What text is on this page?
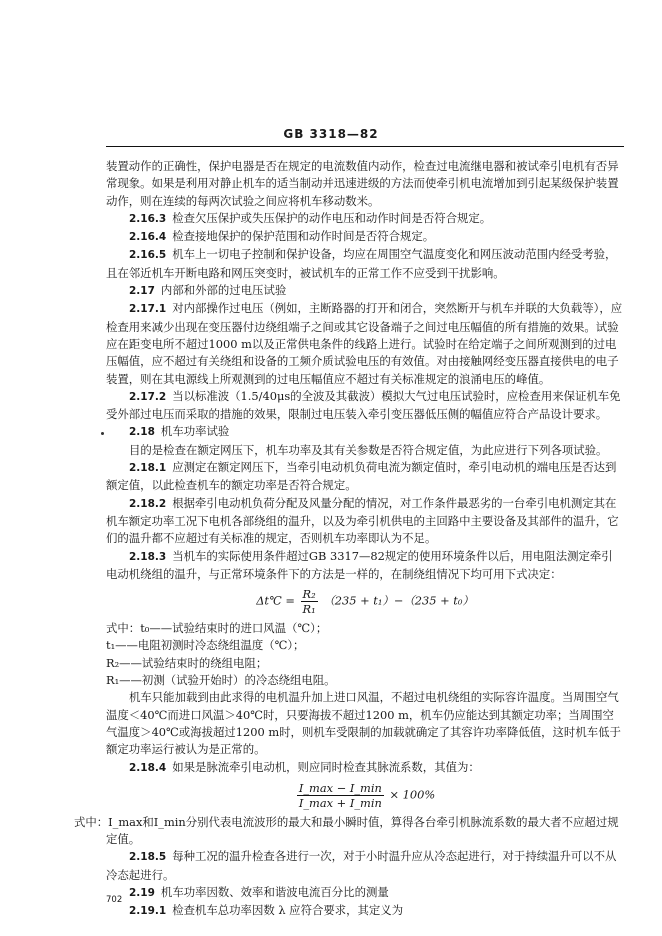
GB 3318—82

装置动作的正确性，保护电器是否在规定的电流数值内动作，检查过电流继电器和被试牵引电机有否异常现象。如果是利用对静止机车的适当制动并迅速进级的方法而使牵引机电流增加到引起某级保护装置动作，则在连续的每两次试验之间应将机车移动数米。

2.16.3 检查欠压保护或失压保护的动作电压和动作时间是否符合规定。

2.16.4 检查接地保护的保护范围和动作时间是否符合规定。

2.16.5 机车上一切电子控制和保护设备，均应在周围空气温度变化和网压波动范围内经受考验，且在邻近机车开断电路和网压突变时，被试机车的正常工作不应受到干扰影响。

2.17 内部和外部的过电压试验

2.17.1 对内部操作过电压（例如，主断路器的打开和闭合，突然断开与机车并联的大负载等），应检查用来减少出现在变压器付边绕组端子之间或其它设备端子之间过电压幅值的所有措施的效果。试验应在距变电所不超过1000 m以及正常供电条件的线路上进行。试验时在给定端子之间所观测到的过电压幅值，应不超过有关绕组和设备的工频介质试验电压的有效值。对由接触网经变压器直接供电的电子装置，则在其电源线上所观测到的过电压幅值应不超过有关标准规定的浪涌电压的峰值。

2.17.2 当以标准波（1.5/40μs的全波及其截波）模拟大气过电压试验时，应检查用来保证机车免受外部过电压而采取的措施的效果，限制过电压装入牵引变压器低压侧的幅值应符合产品设计要求。

2.18 机车功率试验

目的是检查在额定网压下，机车功率及其有关参数是否符合规定值，为此应进行下列各项试验。

2.18.1 应测定在额定网压下，当牵引电动机负荷电流为额定值时，牵引电动机的端电压是否达到额定值，以此检查机车的额定功率是否符合规定。

2.18.2 根据牵引电动机负荷分配及风量分配的情况，对工作条件最恶劣的一台牵引电机测定其在机车额定功率工况下电机各部绕组的温升，以及为牵引机供电的主回路中主要设备及其部件的温升，它们的温升都不应超过有关标准的规定，否则机车功率即认为不足。

2.18.3 当机车的实际使用条件超过GB 3317—82规定的使用环境条件以后，用电阻法测定牵引电动机绕组的温升，与正常环境条件下的方法是一样的，在制绕组情况下均可用下式决定：

Δt℃ = $\frac{\text{R₂}}{\text{R₁}} (235 + t_1)-(235 + t_0)$

式中：t₀——试验结束时的进口风温（℃）；

t₁——电阻初测时冷态绕组温度（℃）；

R₂——试验结束时的绕组电阻；

R₁——初测（试验开始时）的冷态绕组电阻。

机车只能加载到由此求得的电机温升加上进口风温，不超过电机绕组的实际容许温度。当周围空气温度＜40℃而进口风温＞40℃时，只要海拔不超过1200 m，机车仍应能达到其额定功率；当周围空气温度＞40℃或海拔超过1200 m时，则机车受限制的加载就确定了其容许功率降低值，这时机车低于额定功率运行被认为是正常的。

2.18.4 如果是脉流牵引电动机，则应同时检查其脉流系数，其值为：

$\frac{I\_\max - I\_\min}{I\_\max + I\_\min} \times 100\%$

式中：I_max和I_min分别代表电流波形的最大和最小瞬时值，算得各台牵引机脉流系数的最大者不应超过规定值。

2.18.5 每种工况的温升检查各进行一次，对于小时温升应从冷态起进行，对于持续温升可以不从冷态起进行。

2.19 机车功率因数、效率和谐波电流百分比的测量

2.19.1 检查机车总功率因数 λ 应符合要求，其定义为

702
